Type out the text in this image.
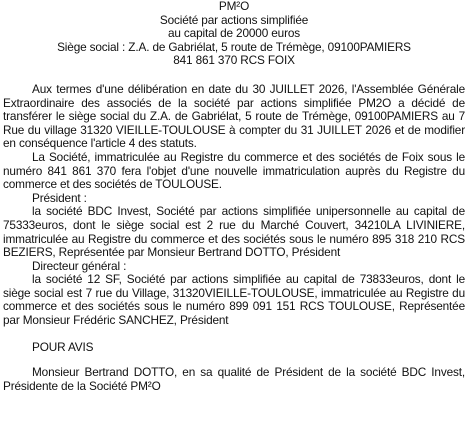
PM²O
Société par actions simplifiée
au capital de 20000 euros
Siège social : Z.A. de Gabriélat, 5 route de Trémège, 09100PAMIERS
841 861 370 RCS FOIX

Aux termes d'une délibération en date du 30 JUILLET 2026, l'Assemblée Générale Extraordinaire des associés de la société par actions simplifiée PM2O a décidé de transférer le siège social du Z.A. de Gabriélat, 5 route de Trémège, 09100PAMIERS au 7 Rue du village 31320 VIEILLE-TOULOUSE à compter du 31 JUILLET 2026 et de modifier en conséquence l'article 4 des statuts.

La Société, immatriculée au Registre du commerce et des sociétés de Foix sous le numéro 841 861 370 fera l'objet d'une nouvelle immatriculation auprès du Registre du commerce et des sociétés de TOULOUSE.

Président :

la société BDC Invest, Société par actions simplifiée unipersonnelle au capital de 75333euros, dont le siège social est 2 rue du Marché Couvert, 34210LA LIVINIERE, immatriculée au Registre du commerce et des sociétés sous le numéro 895 318 210 RCS BEZIERS, Représentée par Monsieur Bertrand DOTTO, Président

Directeur général :

la société 12 SF, Société par actions simplifiée au capital de 73833euros, dont le siège social est 7 rue du Village, 31320VIEILLE-TOULOUSE, immatriculée au Registre du commerce et des sociétés sous le numéro 899 091 151 RCS TOULOUSE, Représentée par Monsieur Frédéric SANCHEZ, Président

POUR AVIS

Monsieur Bertrand DOTTO, en sa qualité de Président de la société BDC Invest, Présidente de la Société PM²O
